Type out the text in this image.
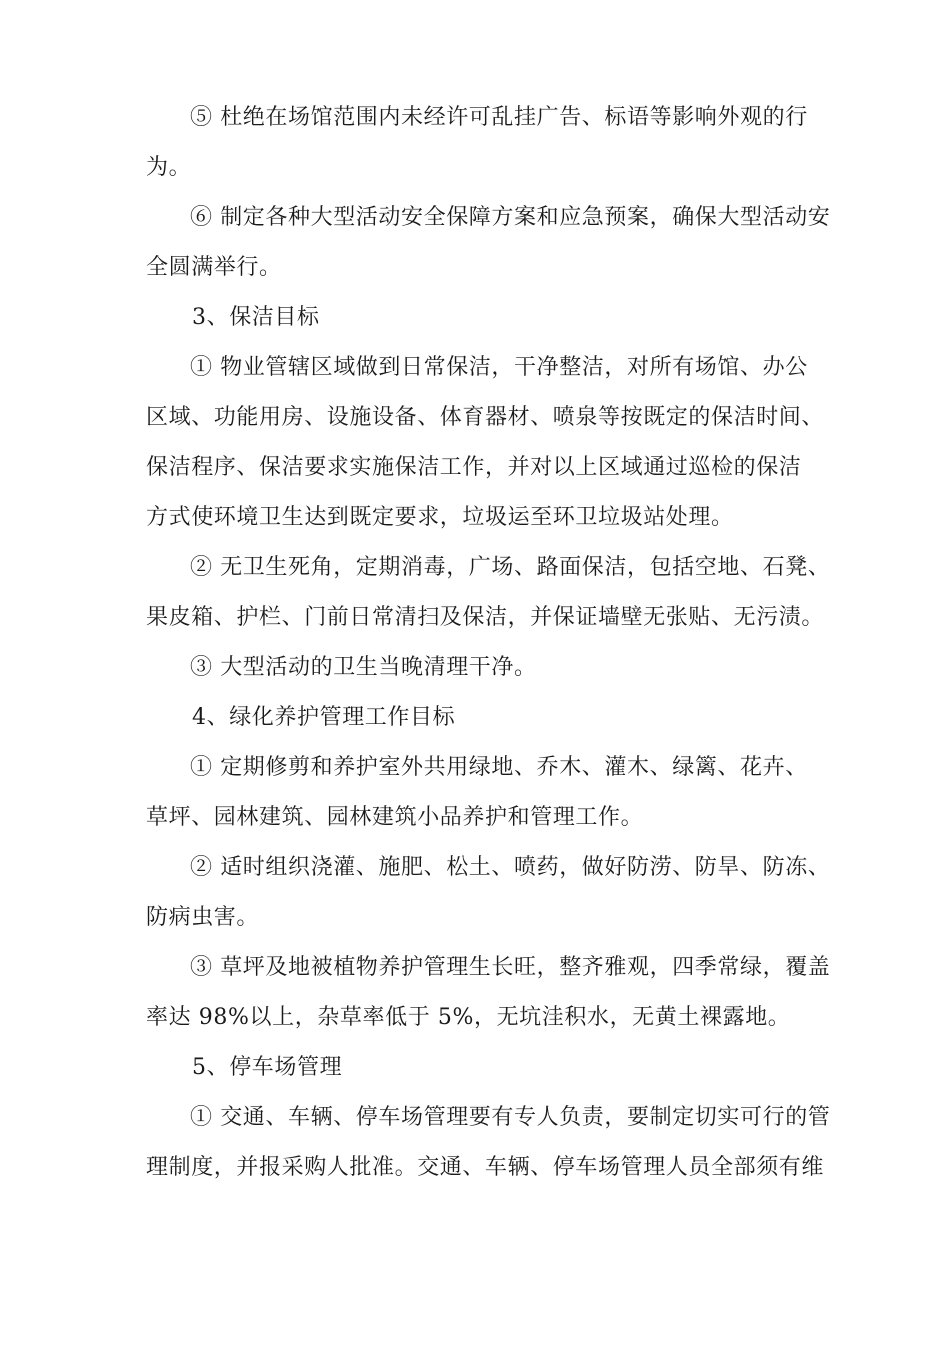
⑤ 杜绝在场馆范围内未经许可乱挂广告、标语等影响外观的行
为。
⑥ 制定各种大型活动安全保障方案和应急预案，确保大型活动安
全圆满举行。
3、保洁目标
① 物业管辖区域做到日常保洁，干净整洁，对所有场馆、办公
区域、功能用房、设施设备、体育器材、喷泉等按既定的保洁时间、
保洁程序、保洁要求实施保洁工作，并对以上区域通过巡检的保洁
方式使环境卫生达到既定要求，垃圾运至环卫垃圾站处理。
② 无卫生死角，定期消毒，广场、路面保洁，包括空地、石凳、
果皮箱、护栏、门前日常清扫及保洁，并保证墙壁无张贴、无污渍。
③ 大型活动的卫生当晚清理干净。
4、绿化养护管理工作目标
① 定期修剪和养护室外共用绿地、乔木、灌木、绿篱、花卉、
草坪、园林建筑、园林建筑小品养护和管理工作。
② 适时组织浇灌、施肥、松土、喷药，做好防涝、防旱、防冻、
防病虫害。
③ 草坪及地被植物养护管理生长旺，整齐雅观，四季常绿，覆盖
率达 98%以上，杂草率低于 5%，无坑洼积水，无黄土裸露地。
5、停车场管理
① 交通、车辆、停车场管理要有专人负责，要制定切实可行的管
理制度，并报采购人批准。交通、车辆、停车场管理人员全部须有维
